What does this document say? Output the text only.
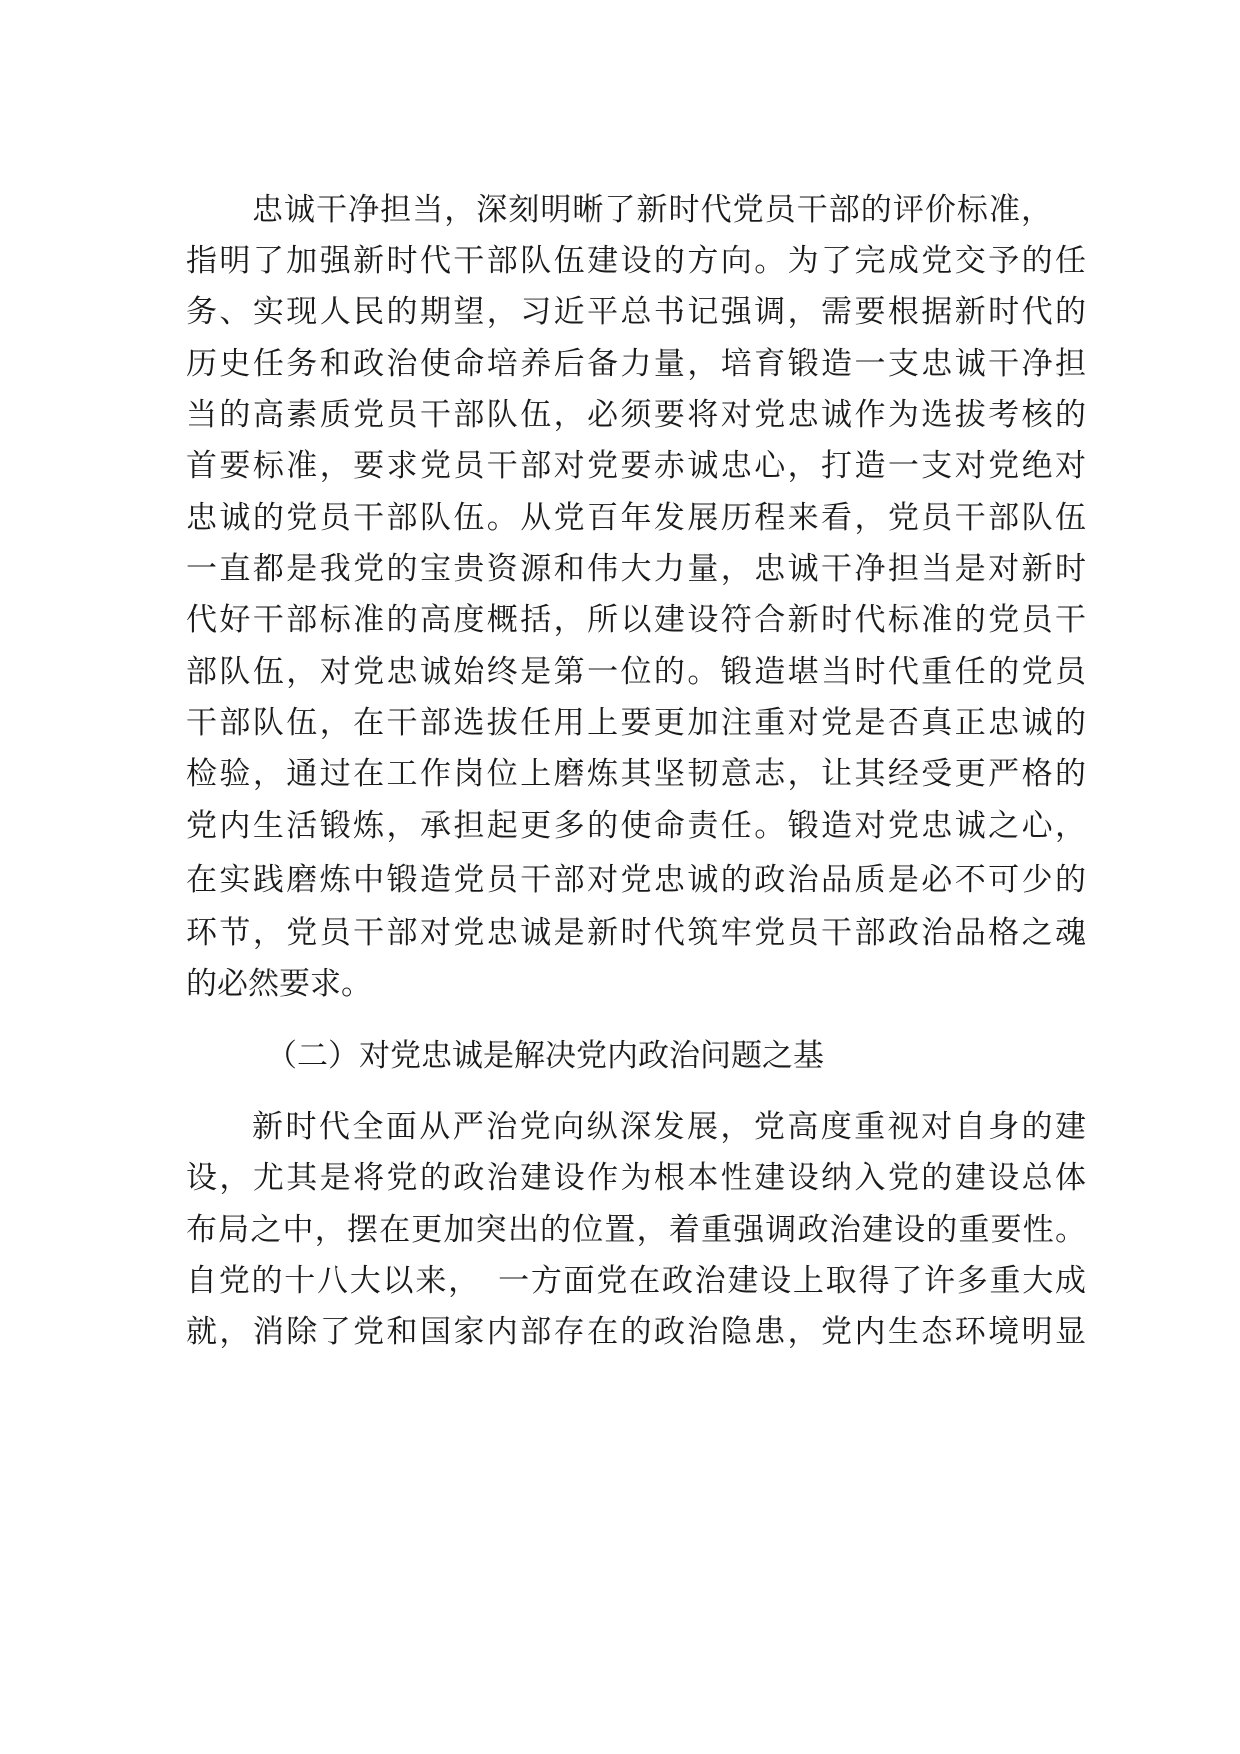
忠诚干净担当，深刻明晰了新时代党员干部的评价标准，
指明了加强新时代干部队伍建设的方向。为了完成党交予的任
务、实现人民的期望，习近平总书记强调，需要根据新时代的
历史任务和政治使命培养后备力量，培育锻造一支忠诚干净担
当的高素质党员干部队伍，必须要将对党忠诚作为选拔考核的
首要标准，要求党员干部对党要赤诚忠心，打造一支对党绝对
忠诚的党员干部队伍。从党百年发展历程来看，党员干部队伍
一直都是我党的宝贵资源和伟大力量，忠诚干净担当是对新时
代好干部标准的高度概括，所以建设符合新时代标准的党员干
部队伍，对党忠诚始终是第一位的。锻造堪当时代重任的党员
干部队伍，在干部选拔任用上要更加注重对党是否真正忠诚的
检验，通过在工作岗位上磨炼其坚韧意志，让其经受更严格的
党内生活锻炼，承担起更多的使命责任。锻造对党忠诚之心，
在实践磨炼中锻造党员干部对党忠诚的政治品质是必不可少的
环节，党员干部对党忠诚是新时代筑牢党员干部政治品格之魂
的必然要求。
（二）对党忠诚是解决党内政治问题之基
新时代全面从严治党向纵深发展，党高度重视对自身的建
设，尤其是将党的政治建设作为根本性建设纳入党的建设总体
布局之中，摆在更加突出的位置，着重强调政治建设的重要性。
自党的十八大以来，　一方面党在政治建设上取得了许多重大成
就，消除了党和国家内部存在的政治隐患，党内生态环境明显
